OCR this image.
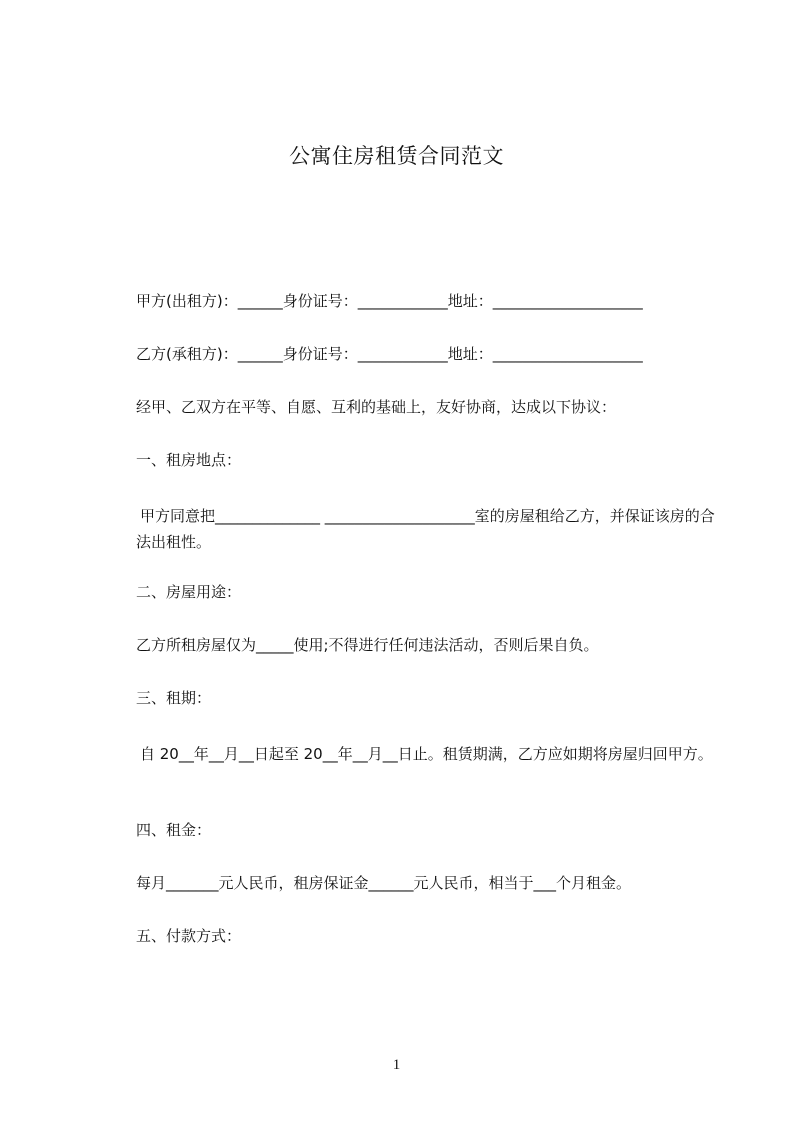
公寓住房租赁合同范文
甲方(出租方)：______身份证号：____________地址：____________________
乙方(承租方)：______身份证号：____________地址：____________________
经甲、乙双方在平等、自愿、互利的基础上，友好协商，达成以下协议：
一、租房地点：
甲方同意把______________ ____________________室的房屋租给乙方，并保证该房的合法出租性。
二、房屋用途：
乙方所租房屋仅为_____使用;不得进行任何违法活动，否则后果自负。
三、租期：
自 20__年__月__日起至 20__年__月__日止。租赁期满，乙方应如期将房屋归回甲方。
四、租金：
每月_______元人民币，租房保证金______元人民币，相当于___个月租金。
五、付款方式：
1
